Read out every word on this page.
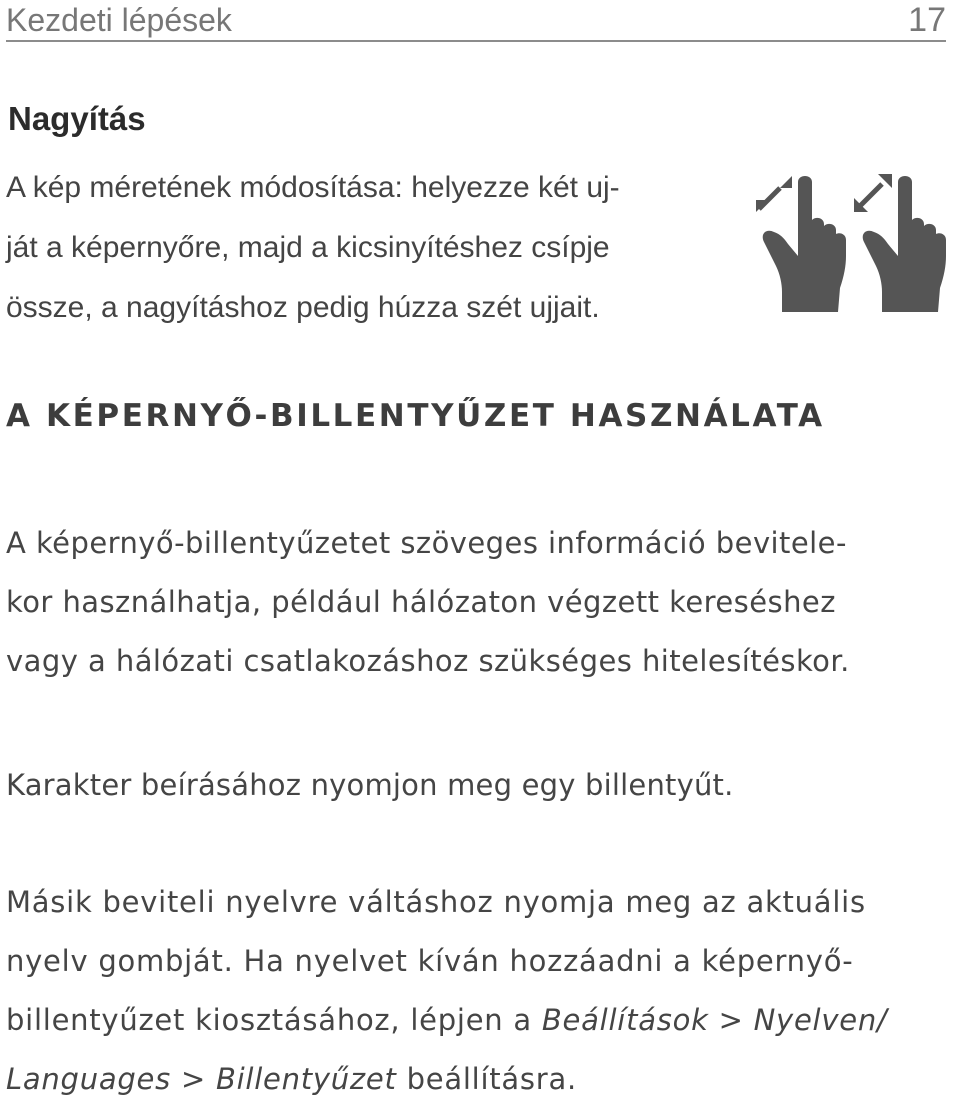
Kezdeti lépések	17
Nagyítás
A kép méretének módosítása: helyezze két uj-
ját a képernyőre, majd a kicsinyítéshez csípje
össze, a nagyításhoz pedig húzza szét ujjait.
A KÉPERNYŐ-BILLENTYŰZET HASZNÁLATA
A képernyő-billentyűzetet szöveges információ bevitele-
kor használhatja, például hálózaton végzett kereséshez
vagy a hálózati csatlakozáshoz szükséges hitelesítéskor.
Karakter beírásához nyomjon meg egy billentyűt.
Másik beviteli nyelvre váltáshoz nyomja meg az aktuális
nyelv gombját. Ha nyelvet kíván hozzáadni a képernyő-
billentyűzet kiosztásához, lépjen a Beállítások > Nyelven/
Languages > Billentyűzet beállításra.
